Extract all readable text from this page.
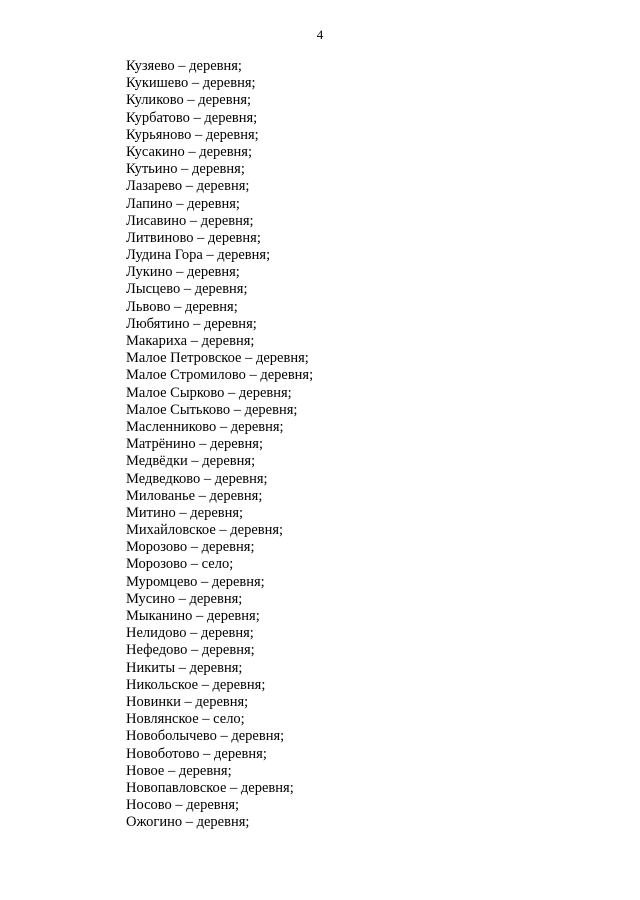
4
Кузяево – деревня;
Кукишево – деревня;
Куликово – деревня;
Курбатово – деревня;
Курьяново – деревня;
Кусакино – деревня;
Кутьино – деревня;
Лазарево – деревня;
Лапино – деревня;
Лисавино – деревня;
Литвиново – деревня;
Лудина Гора – деревня;
Лукино – деревня;
Лысцево – деревня;
Львово – деревня;
Любятино – деревня;
Макариха – деревня;
Малое Петровское – деревня;
Малое Стромилово – деревня;
Малое Сырково – деревня;
Малое Сытьково – деревня;
Масленниково – деревня;
Матрёнино – деревня;
Медвёдки – деревня;
Медведково – деревня;
Милованье – деревня;
Митино – деревня;
Михайловское – деревня;
Морозово – деревня;
Морозово – село;
Муромцево – деревня;
Мусино – деревня;
Мыканино – деревня;
Нелидово – деревня;
Нефедово – деревня;
Никиты – деревня;
Никольское – деревня;
Новинки – деревня;
Новлянское – село;
Новоболычево – деревня;
Новоботово – деревня;
Новое – деревня;
Новопавловское – деревня;
Носово – деревня;
Ожогино – деревня;
